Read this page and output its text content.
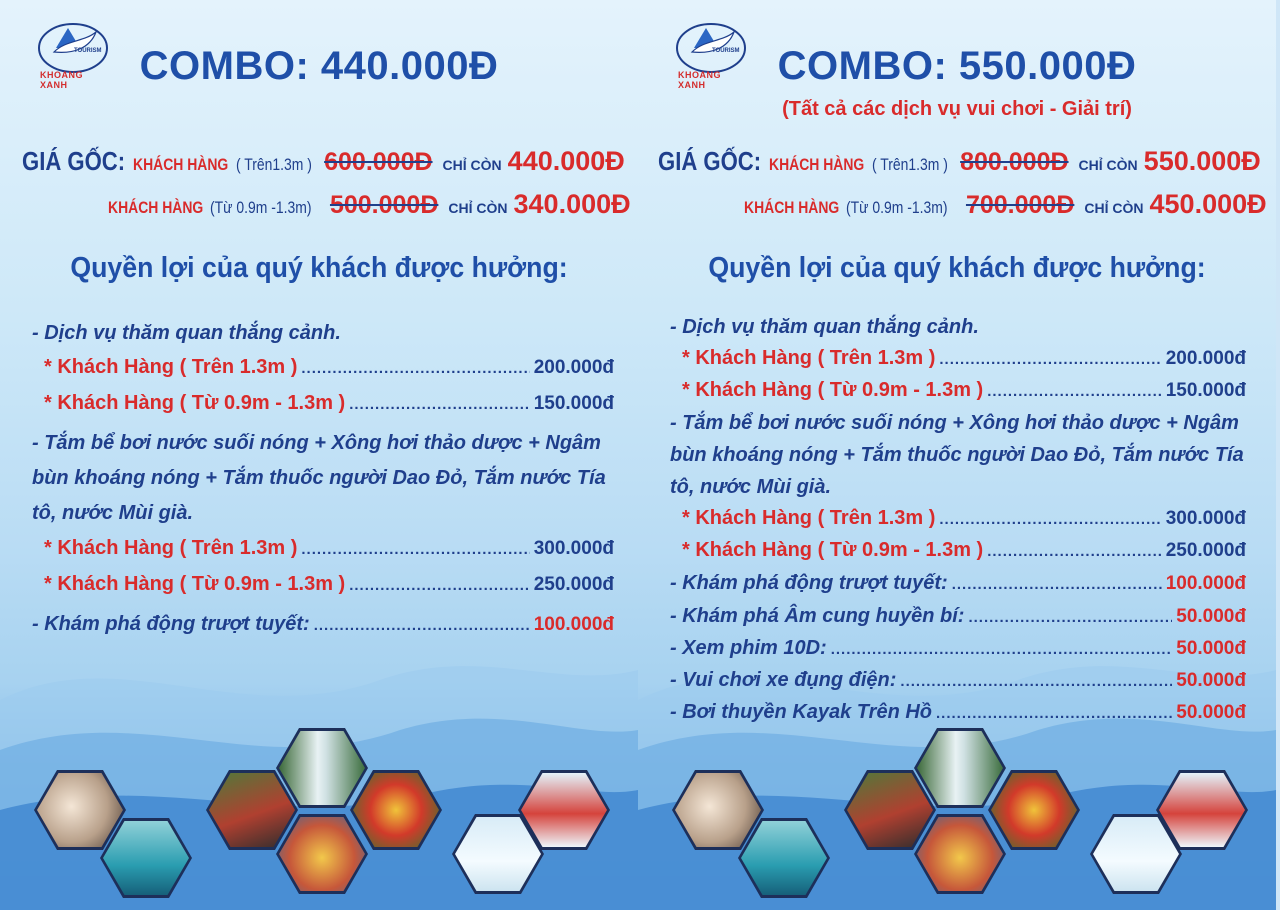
TOURISM
KHOANG XANH	COMBO: 440.000Đ
GIÁ GỐC: KHÁCH HÀNG ( Trên1.3m ) 600.000Đ CHỈ CÒN 440.000Đ
KHÁCH HÀNG (Từ 0.9m -1.3m) 500.000Đ CHỈ CÒN 340.000Đ
Quyền lợi của quý khách được hưởng:
- Dịch vụ thăm quan thắng cảnh.
* Khách Hàng ( Trên 1.3m ) .....	200.000đ
* Khách Hàng ( Từ 0.9m - 1.3m ) .....	150.000đ
- Tắm bể bơi nước suối nóng + Xông hơi thảo dược + Ngâm bùn khoáng nóng + Tắm thuốc người Dao Đỏ, Tắm nước Tía tô, nước Mùi già.
* Khách Hàng ( Trên 1.3m ) .....	300.000đ
* Khách Hàng ( Từ 0.9m - 1.3m ) .....	250.000đ
- Khám phá động trượt tuyết: .....	100.000đ
TOURISM
KHOANG XANH	COMBO: 550.000Đ
(Tất cả các dịch vụ vui chơi - Giải trí)
GIÁ GỐC: KHÁCH HÀNG ( Trên1.3m ) 800.000Đ CHỈ CÒN 550.000Đ
KHÁCH HÀNG (Từ 0.9m -1.3m) 700.000Đ CHỈ CÒN 450.000Đ
Quyền lợi của quý khách được hưởng:
- Dịch vụ thăm quan thắng cảnh.
* Khách Hàng ( Trên 1.3m ) .....	200.000đ
* Khách Hàng ( Từ 0.9m - 1.3m ) .....	150.000đ
- Tắm bể bơi nước suối nóng + Xông hơi thảo dược + Ngâm bùn khoáng nóng + Tắm thuốc người Dao Đỏ, Tắm nước Tía tô, nước Mùi già.
* Khách Hàng ( Trên 1.3m ) .....	300.000đ
* Khách Hàng ( Từ 0.9m - 1.3m ) .....	250.000đ
- Khám phá động trượt tuyết: .....	100.000đ
- Khám phá Âm cung huyền bí: .....	50.000đ
- Xem phim 10D: .....	50.000đ
- Vui chơi xe đụng điện: .....	50.000đ
- Bơi thuyền Kayak Trên Hồ .....	50.000đ
